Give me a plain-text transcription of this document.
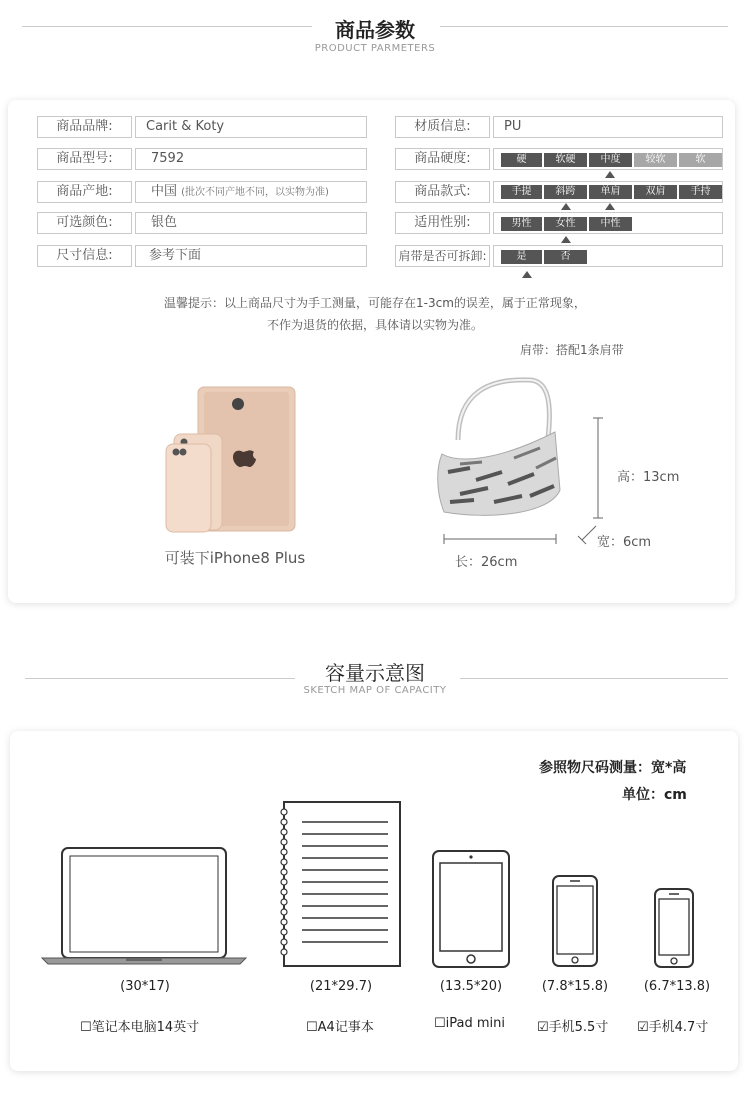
商品参数
PRODUCT PARMETERS
商品品牌:	Carit & Koty
商品型号:	7592
商品产地:	中国 (批次不同产地不同，以实物为准)
可选颜色:	银色
尺寸信息:	参考下面
材质信息:	PU
商品硬度:	硬	软硬	中度	较软	软
商品款式:	手提	斜跨	单肩	双肩	手持
适用性别:	男性	女性	中性
肩带是否可拆卸:	是	否
温馨提示：以上商品尺寸为手工测量，可能存在1-3cm的误差，属于正常现象，
不作为退货的依据，具体请以实物为准。
肩带：搭配1条肩带
可装下iPhone8 Plus
高：13cm
宽：6cm
长：26cm
容量示意图
SKETCH MAP OF CAPACITY
参照物尺码测量：宽*高
单位：cm
(30*17)	(21*29.7)	(13.5*20)	(7.8*15.8)	(6.7*13.8)
☐笔记本电脑14英寸	☐A4记事本	☐iPad mini ☑手机5.5寸 ☑手机4.7寸
